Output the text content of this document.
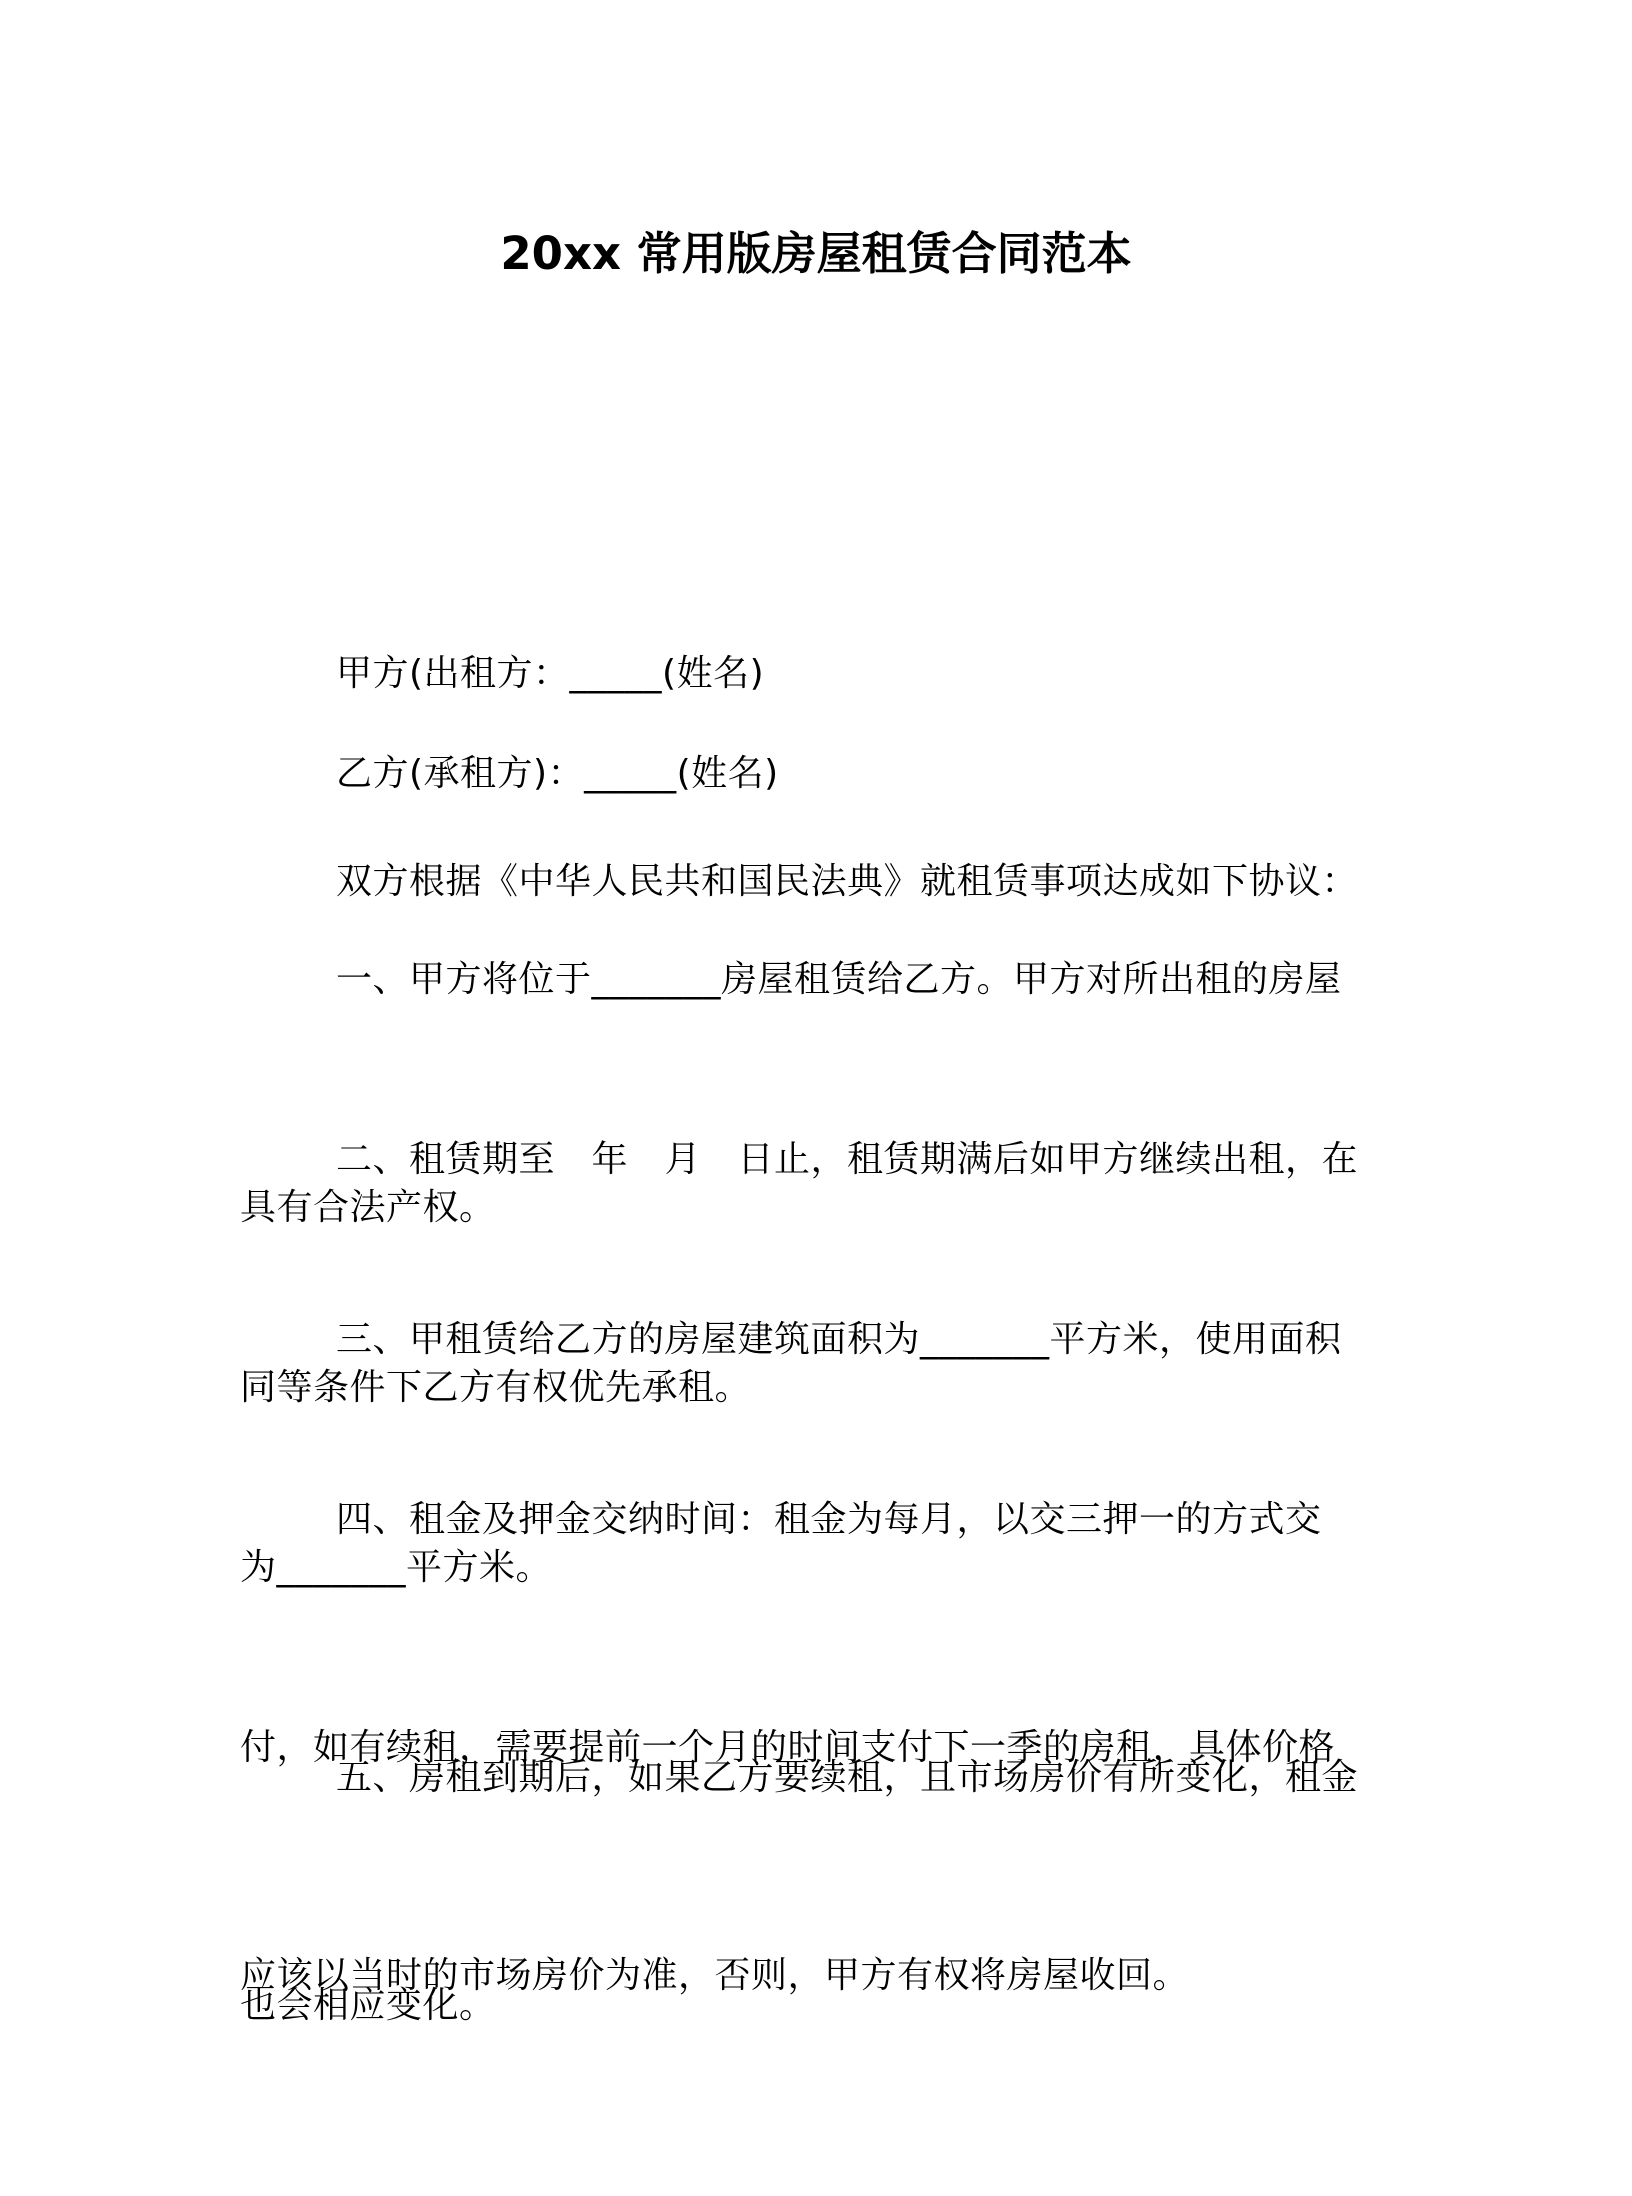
20xx 常用版房屋租赁合同范本

甲方(出租方：_____(姓名)

乙方(承租方)：_____(姓名)

双方根据《中华人民共和国民法典》就租赁事项达成如下协议：

一、甲方将位于_______房屋租赁给乙方。甲方对所出租的房屋

具有合法产权。

二、租赁期至　年　月　日止，租赁期满后如甲方继续出租，在

同等条件下乙方有权优先承租。

三、甲租赁给乙方的房屋建筑面积为_______平方米，使用面积

为_______平方米。

四、租金及押金交纳时间：租金为每月，以交三押一的方式交

付，如有续租，需要提前一个月的时间支付下一季的房租，具体价格

应该以当时的市场房价为准，否则，甲方有权将房屋收回。

五、房租到期后，如果乙方要续租，且市场房价有所变化，租金

也会相应变化。
